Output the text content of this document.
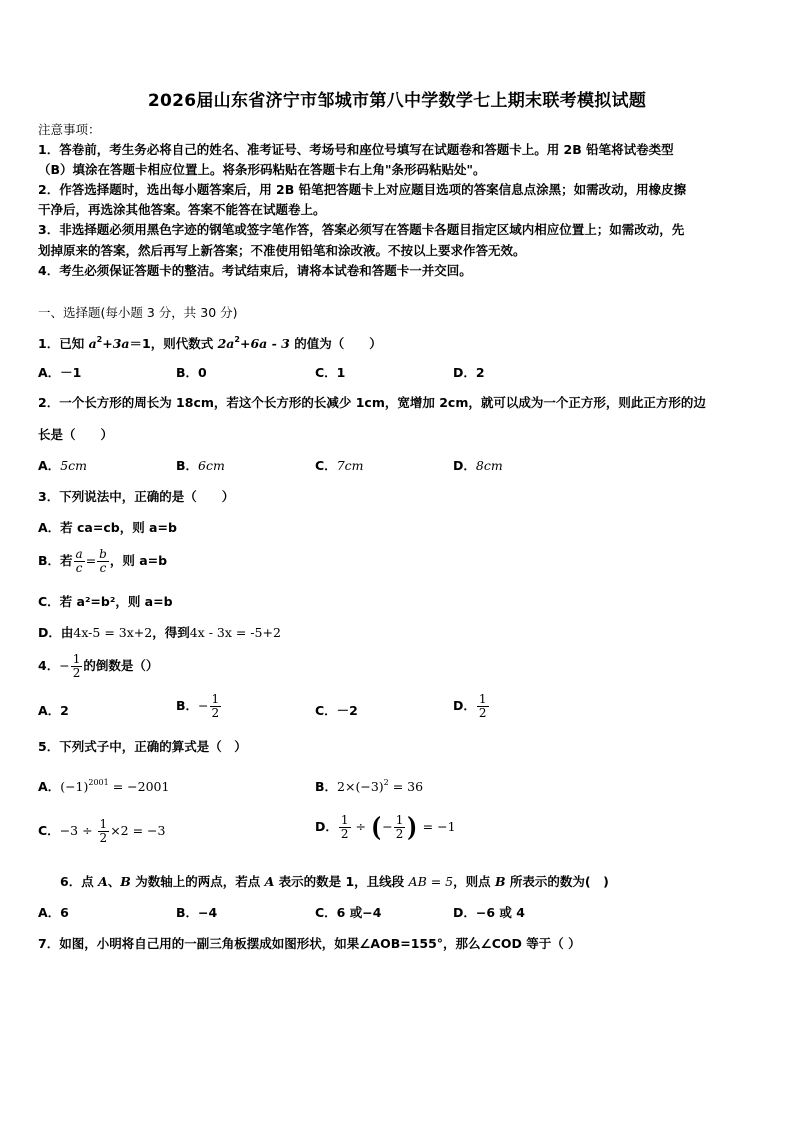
2026届山东省济宁市邹城市第八中学数学七上期末联考模拟试题
注意事项：
1．答卷前，考生务必将自己的姓名、准考证号、考场号和座位号填写在试题卷和答题卡上。用 2B 铅笔将试卷类型
（B）填涂在答题卡相应位置上。将条形码粘贴在答题卡右上角"条形码粘贴处"。
2．作答选择题时，选出每小题答案后，用 2B 铅笔把答题卡上对应题目选项的答案信息点涂黑；如需改动，用橡皮擦
干净后，再选涂其他答案。答案不能答在试题卷上。
3．非选择题必须用黑色字迹的钢笔或签字笔作答，答案必须写在答题卡各题目指定区域内相应位置上；如需改动，先
划掉原来的答案，然后再写上新答案；不准使用铅笔和涂改液。不按以上要求作答无效。
4．考生必须保证答题卡的整洁。考试结束后，请将本试卷和答题卡一并交回。
一、选择题(每小题 3 分，共 30 分)
1．已知 $a^2+3a=1$，则代数式 $2a^2+6a - 3$ 的值为（　　）
A．－1	B．0	C．1	D．2
2．一个长方形的周长为 18cm，若这个长方形的长减少 1cm，宽增加 2cm，就可以成为一个正方形，则此正方形的边
长是（　　）
A．5cm	B．6cm	C．7cm	D．8cm
3．下列说法中，正确的是（　　）
A．若 ca=cb，则 a=b
B．若 $\frac{a}{c} = \frac{b}{c}$ ，则 a=b
C．若 a²=b²，则 a=b
D．由4x-5 = 3x+2，得到4x - 3x = -5+2
4．− $\frac{1}{2}$ 的倒数是（）
A．2	B．− $\frac{1}{2}$	C．－2	D． $\frac{1}{2}$
5．下列式子中，正确的算式是（　）
A．$(-1)^{2001} = -2001$	B．$2\times(-3)^2 = 36$
C．$-3 \div \frac{1}{2} \times 2 = -3$	D． $\frac{1}{2}$ ÷ (− $\frac{1}{2}$ ) = −1
6．点 A、B 为数轴上的两点，若点 A 表示的数是 1，且线段 AB = 5，则点 B 所表示的数为(　)
A．6	B．−4	C．6 或−4	D．−6 或 4
7．如图，小明将自己用的一副三角板摆成如图形状，如果∠AOB=155°，那么∠COD 等于（ ）
